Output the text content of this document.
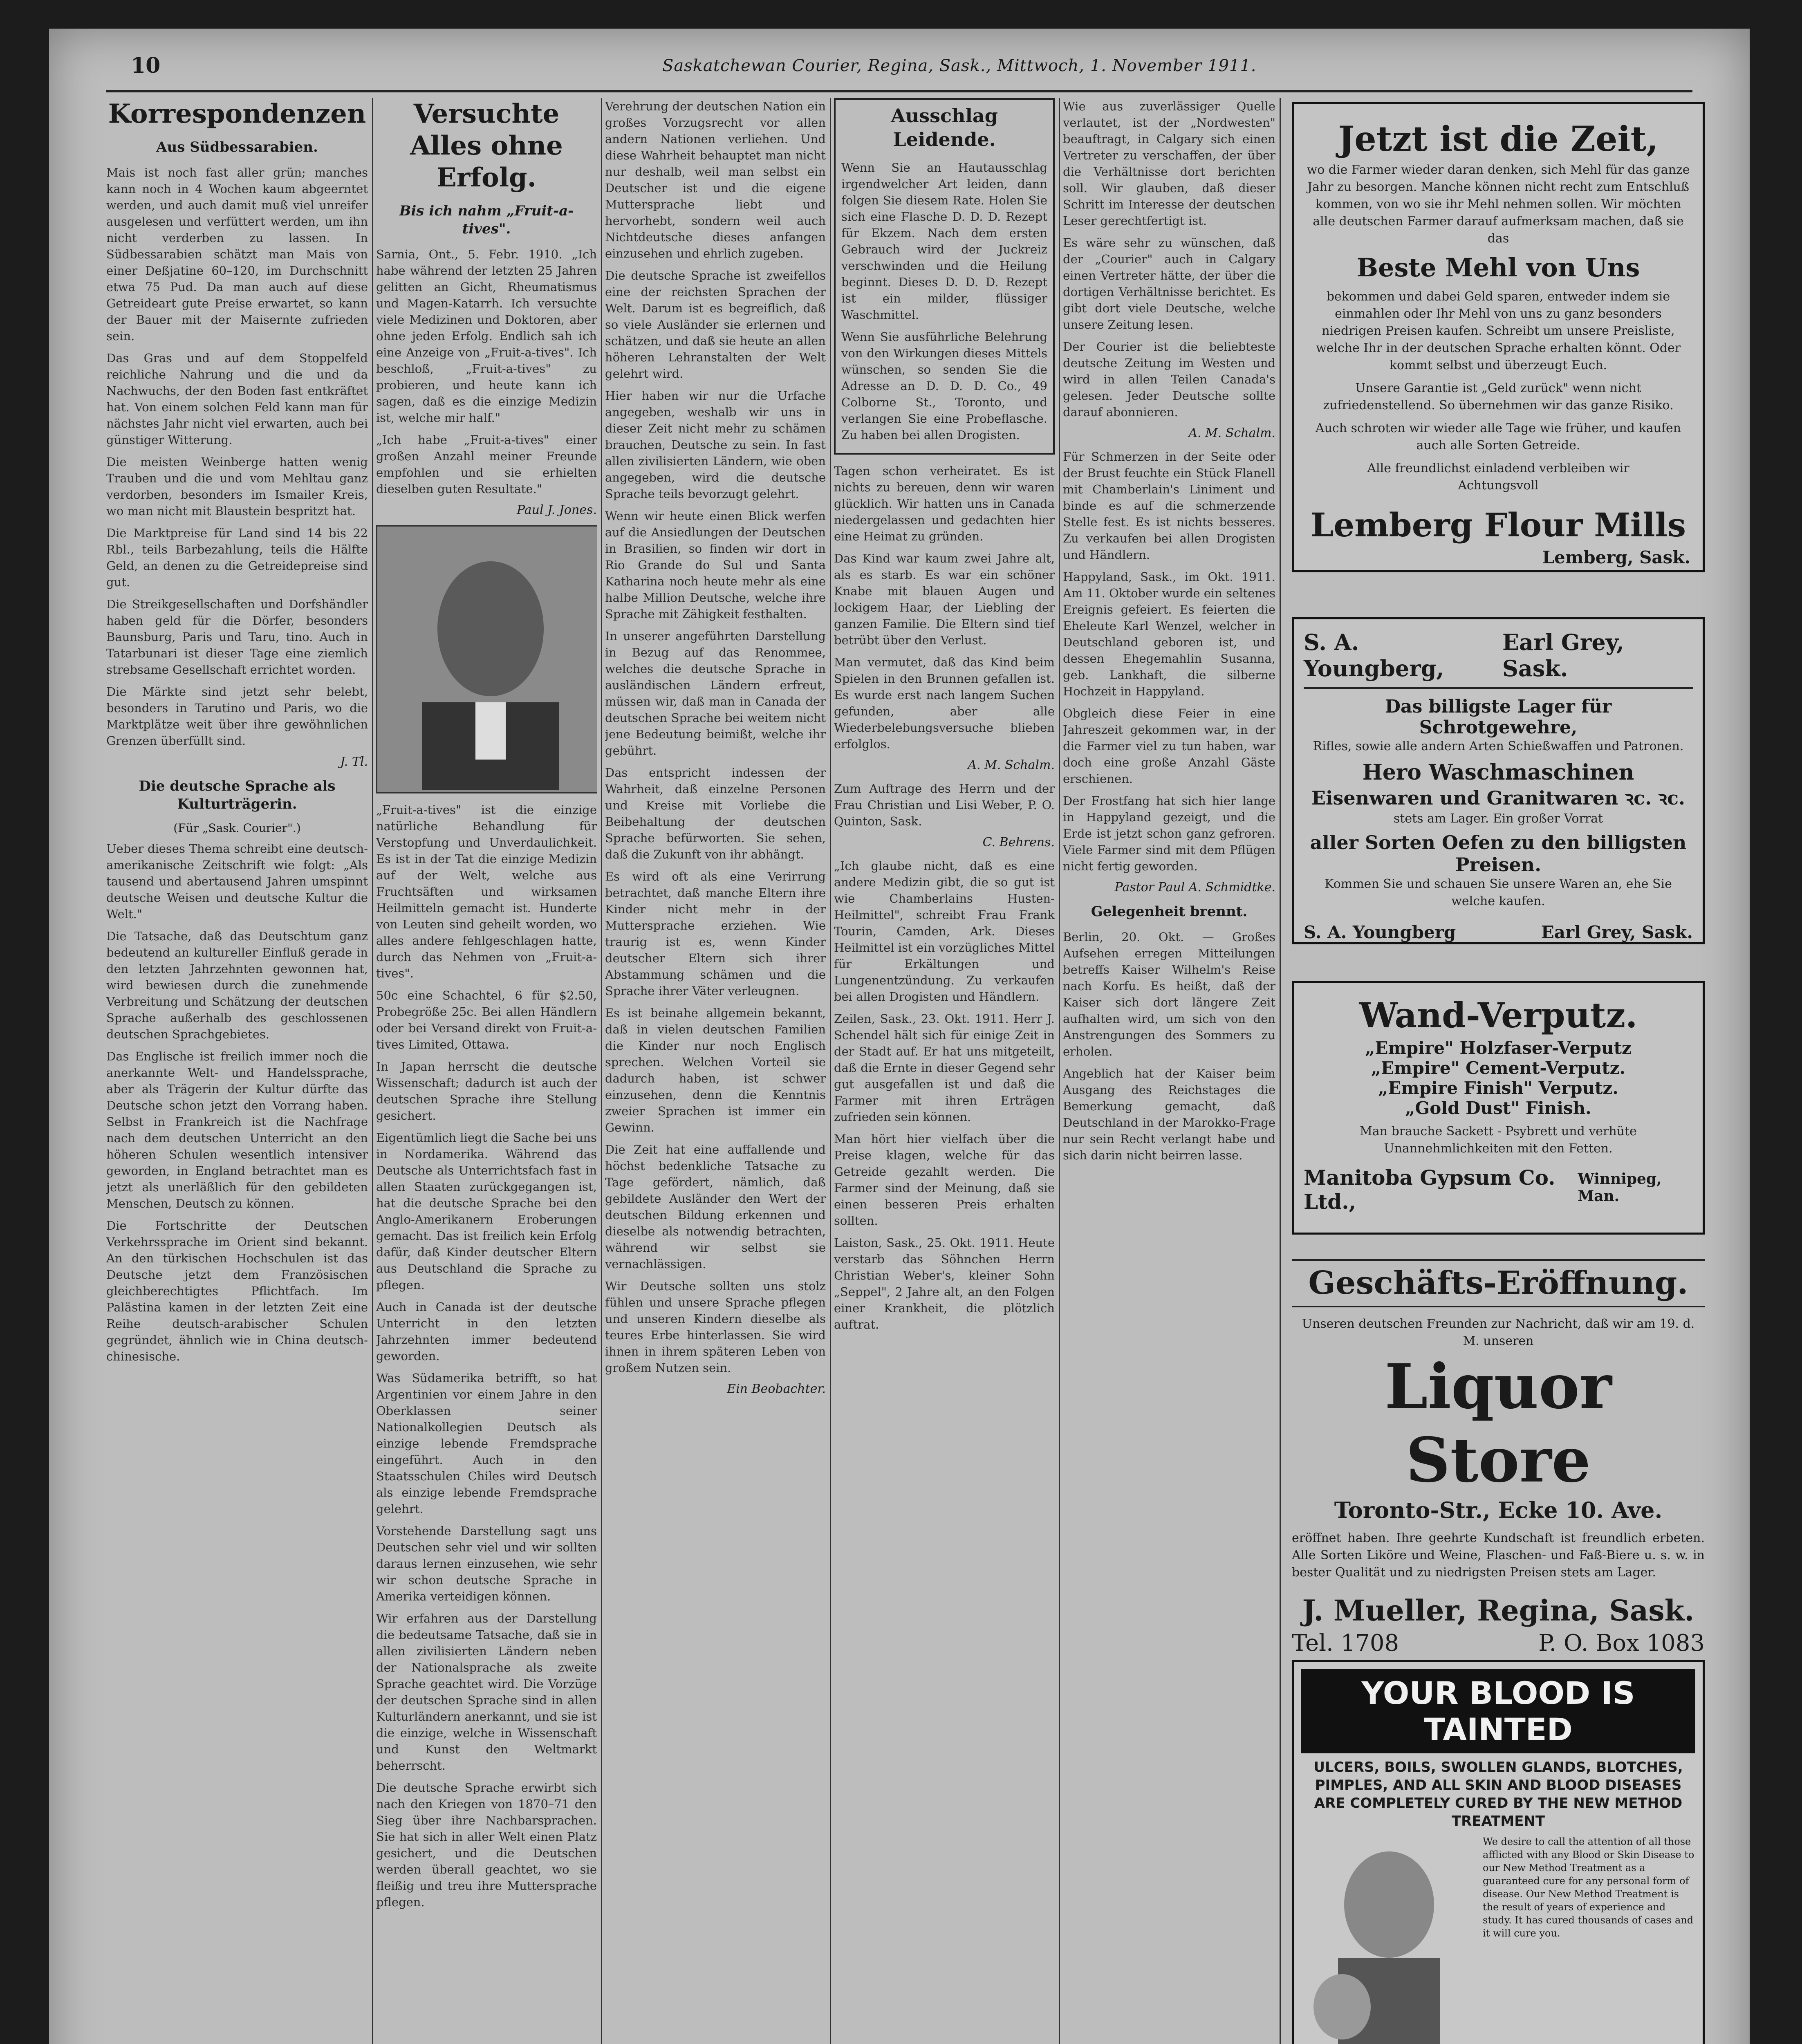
10	Saskatchewan Courier, Regina, Sask., Mittwoch, 1. November 1911.
Korrespondenzen
Aus Südbessarabien.

Mais ist noch fast aller grün; manches kann noch in 4 Wochen kaum abgeerntet werden, und auch damit muß viel unreifer ausgelesen und verfüttert werden, um ihn nicht verderben zu lassen. In Südbessarabien schätzt man Mais von einer Deßjatine 60–120, im Durchschnitt etwa 75 Pud. Da man auch auf diese Getreideart gute Preise erwartet, so kann der Bauer mit der Maisernte zufrieden sein.

Das Gras und auf dem Stoppelfeld reichliche Nahrung und die und da Nachwuchs, der den Boden fast entkräftet hat. Von einem solchen Feld kann man für nächstes Jahr nicht viel erwarten, auch bei günstiger Witterung.

Die meisten Weinberge hatten wenig Trauben und die und vom Mehltau ganz verdorben, besonders im Ismailer Kreis, wo man nicht mit Blaustein bespritzt hat.

Die Marktpreise für Land sind 14 bis 22 Rbl., teils Barbezahlung, teils die Hälfte Geld, an denen zu die Getreidepreise sind gut.

Die Streikgesellschaften und Dorfshändler haben geld für die Dörfer, besonders Baunsburg, Paris und Taru, tino. Auch in Tatarbunari ist dieser Tage eine ziemlich strebsame Gesellschaft errichtet worden.

Die Märkte sind jetzt sehr belebt, besonders in Tarutino und Paris, wo die Marktplätze weit über ihre gewöhnlichen Grenzen überfüllt sind.

J. Tl.
Die deutsche Sprache als Kulturträgerin.
(Für „Sask. Courier".)

Ueber dieses Thema schreibt eine deutsch-amerikanische Zeitschrift wie folgt: „Als tausend und abertausend Jahren umspinnt deutsche Weisen und deutsche Kultur die Welt."

Die Tatsache, daß das Deutschtum ganz bedeutend an kultureller Einfluß gerade in den letzten Jahrzehnten gewonnen hat, wird bewiesen durch die zunehmende Verbreitung und Schätzung der deutschen Sprache außerhalb des geschlossenen deutschen Sprachgebietes.

Das Englische ist freilich immer noch die anerkannte Welt- und Handelssprache, aber als Trägerin der Kultur dürfte das Deutsche schon jetzt den Vorrang haben. Selbst in Frankreich ist die Nachfrage nach dem deutschen Unterricht an den höheren Schulen wesentlich intensiver geworden, in England betrachtet man es jetzt als unerläßlich für den gebildeten Menschen, Deutsch zu können.

Die Fortschritte der Deutschen Verkehrssprache im Orient sind bekannt. An den türkischen Hochschulen ist das Deutsche jetzt dem Französischen gleichberechtigtes Pflichtfach. Im Palästina kamen in der letzten Zeit eine Reihe deutsch-arabischer Schulen gegründet, ähnlich wie in China deutsch-chinesische.

Versuchte Alles ohne Erfolg.
Bis ich nahm „Fruit-a-tives".

Sarnia, Ont., 5. Febr. 1910. „Ich habe während der letzten 25 Jahren gelitten an Gicht, Rheumatismus und Magen-Katarrh. Ich versuchte viele Medizinen und Doktoren, aber ohne jeden Erfolg. Endlich sah ich eine Anzeige von „Fruit-a-tives". Ich beschloß, „Fruit-a-tives" zu probieren, und heute kann ich sagen, daß es die einzige Medizin ist, welche mir half."

„Ich habe „Fruit-a-tives" einer großen Anzahl meiner Freunde empfohlen und sie erhielten dieselben guten Resultate."

Paul J. Jones.

„Fruit-a-tives" ist die einzige natürliche Behandlung für Verstopfung und Unverdaulichkeit. Es ist in der Tat die einzige Medizin auf der Welt, welche aus Fruchtsäften und wirksamen Heilmitteln gemacht ist. Hunderte von Leuten sind geheilt worden, wo alles andere fehlgeschlagen hatte, durch das Nehmen von „Fruit-a-tives".

50c eine Schachtel, 6 für $2.50, Probegröße 25c. Bei allen Händlern oder bei Versand direkt von Fruit-a-tives Limited, Ottawa.

In Japan herrscht die deutsche Wissenschaft; dadurch ist auch der deutschen Sprache ihre Stellung gesichert.

Eigentümlich liegt die Sache bei uns in Nordamerika. Während das Deutsche als Unterrichtsfach fast in allen Staaten zurückgegangen ist, hat die deutsche Sprache bei den Anglo-Amerikanern Eroberungen gemacht. Das ist freilich kein Erfolg dafür, daß Kinder deutscher Eltern aus Deutschland die Sprache zu pflegen.

Auch in Canada ist der deutsche Unterricht in den letzten Jahrzehnten immer bedeutend geworden.

Was Südamerika betrifft, so hat Argentinien vor einem Jahre in den Oberklassen seiner Nationalkollegien Deutsch als einzige lebende Fremdsprache eingeführt. Auch in den Staatsschulen Chiles wird Deutsch als einzige lebende Fremdsprache gelehrt.

Vorstehende Darstellung sagt uns Deutschen sehr viel und wir sollten daraus lernen einzusehen, wie sehr wir schon deutsche Sprache in Amerika verteidigen können.

Wir erfahren aus der Darstellung die bedeutsame Tatsache, daß sie in allen zivilisierten Ländern neben der Nationalsprache als zweite Sprache geachtet wird. Die Vorzüge der deutschen Sprache sind in allen Kulturländern anerkannt, und sie ist die einzige, welche in Wissenschaft und Kunst den Weltmarkt beherrscht.

Die deutsche Sprache erwirbt sich nach den Kriegen von 1870–71 den Sieg über ihre Nachbarsprachen. Sie hat sich in aller Welt einen Platz gesichert, und die Deutschen werden überall geachtet, wo sie fleißig und treu ihre Muttersprache pflegen.

Verehrung der deutschen Nation ein großes Vorzugsrecht vor allen andern Nationen verliehen. Und diese Wahrheit behauptet man nicht nur deshalb, weil man selbst ein Deutscher ist und die eigene Muttersprache liebt und hervorhebt, sondern weil auch Nichtdeutsche dieses anfangen einzusehen und ehrlich zugeben.

Die deutsche Sprache ist zweifellos eine der reichsten Sprachen der Welt. Darum ist es begreiflich, daß so viele Ausländer sie erlernen und schätzen, und daß sie heute an allen höheren Lehranstalten der Welt gelehrt wird.

Hier haben wir nur die Urfache angegeben, weshalb wir uns in dieser Zeit nicht mehr zu schämen brauchen, Deutsche zu sein. In fast allen zivilisierten Ländern, wie oben angegeben, wird die deutsche Sprache teils bevorzugt gelehrt.

Wenn wir heute einen Blick werfen auf die Ansiedlungen der Deutschen in Brasilien, so finden wir dort in Rio Grande do Sul und Santa Katharina noch heute mehr als eine halbe Million Deutsche, welche ihre Sprache mit Zähigkeit festhalten.

In unserer angeführten Darstellung in Bezug auf das Renommee, welches die deutsche Sprache in ausländischen Ländern erfreut, müssen wir, daß man in Canada der deutschen Sprache bei weitem nicht jene Bedeutung beimißt, welche ihr gebührt.

Das entspricht indessen der Wahrheit, daß einzelne Personen und Kreise mit Vorliebe die Beibehaltung der deutschen Sprache befürworten. Sie sehen, daß die Zukunft von ihr abhängt.

Es wird oft als eine Verirrung betrachtet, daß manche Eltern ihre Kinder nicht mehr in der Muttersprache erziehen. Wie traurig ist es, wenn Kinder deutscher Eltern sich ihrer Abstammung schämen und die Sprache ihrer Väter verleugnen.

Es ist beinahe allgemein bekannt, daß in vielen deutschen Familien die Kinder nur noch Englisch sprechen. Welchen Vorteil sie dadurch haben, ist schwer einzusehen, denn die Kenntnis zweier Sprachen ist immer ein Gewinn.

Die Zeit hat eine auffallende und höchst bedenkliche Tatsache zu Tage gefördert, nämlich, daß gebildete Ausländer den Wert der deutschen Bildung erkennen und dieselbe als notwendig betrachten, während wir selbst sie vernachlässigen.

Wir Deutsche sollten uns stolz fühlen und unsere Sprache pflegen und unseren Kindern dieselbe als teures Erbe hinterlassen. Sie wird ihnen in ihrem späteren Leben von großem Nutzen sein.

Ein Beobachter.
Ausschlag Leidende.

Wenn Sie an Hautausschlag irgendwelcher Art leiden, dann folgen Sie diesem Rate. Holen Sie sich eine Flasche D. D. D. Rezept für Ekzem. Nach dem ersten Gebrauch wird der Juckreiz verschwinden und die Heilung beginnt. Dieses D. D. D. Rezept ist ein milder, flüssiger Waschmittel.

Wenn Sie ausführliche Belehrung von den Wirkungen dieses Mittels wünschen, so senden Sie die Adresse an D. D. D. Co., 49 Colborne St., Toronto, und verlangen Sie eine Probeflasche. Zu haben bei allen Drogisten.

Tagen schon verheiratet. Es ist nichts zu bereuen, denn wir waren glücklich. Wir hatten uns in Canada niedergelassen und gedachten hier eine Heimat zu gründen.

Das Kind war kaum zwei Jahre alt, als es starb. Es war ein schöner Knabe mit blauen Augen und lockigem Haar, der Liebling der ganzen Familie. Die Eltern sind tief betrübt über den Verlust.

Man vermutet, daß das Kind beim Spielen in den Brunnen gefallen ist. Es wurde erst nach langem Suchen gefunden, aber alle Wiederbelebungsversuche blieben erfolglos.

A. M. Schalm.

Zum Auftrage des Herrn und der Frau Christian und Lisi Weber, P. O. Quinton, Sask.

C. Behrens.

„Ich glaube nicht, daß es eine andere Medizin gibt, die so gut ist wie Chamberlains Husten-Heilmittel", schreibt Frau Frank Tourin, Camden, Ark. Dieses Heilmittel ist ein vorzügliches Mittel für Erkältungen und Lungenentzündung. Zu verkaufen bei allen Drogisten und Händlern.

Zeilen, Sask., 23. Okt. 1911. Herr J. Schendel hält sich für einige Zeit in der Stadt auf. Er hat uns mitgeteilt, daß die Ernte in dieser Gegend sehr gut ausgefallen ist und daß die Farmer mit ihren Erträgen zufrieden sein können.

Man hört hier vielfach über die Preise klagen, welche für das Getreide gezahlt werden. Die Farmer sind der Meinung, daß sie einen besseren Preis erhalten sollten.

Laiston, Sask., 25. Okt. 1911. Heute verstarb das Söhnchen Herrn Christian Weber's, kleiner Sohn „Seppel", 2 Jahre alt, an den Folgen einer Krankheit, die plötzlich auftrat.

Wie aus zuverlässiger Quelle verlautet, ist der „Nordwesten" beauftragt, in Calgary sich einen Vertreter zu verschaffen, der über die Verhältnisse dort berichten soll. Wir glauben, daß dieser Schritt im Interesse der deutschen Leser gerechtfertigt ist.

Es wäre sehr zu wünschen, daß der „Courier" auch in Calgary einen Vertreter hätte, der über die dortigen Verhältnisse berichtet. Es gibt dort viele Deutsche, welche unsere Zeitung lesen.

Der Courier ist die beliebteste deutsche Zeitung im Westen und wird in allen Teilen Canada's gelesen. Jeder Deutsche sollte darauf abonnieren.

A. M. Schalm.

Für Schmerzen in der Seite oder der Brust feuchte ein Stück Flanell mit Chamberlain's Liniment und binde es auf die schmerzende Stelle fest. Es ist nichts besseres. Zu verkaufen bei allen Drogisten und Händlern.

Happyland, Sask., im Okt. 1911. Am 11. Oktober wurde ein seltenes Ereignis gefeiert. Es feierten die Eheleute Karl Wenzel, welcher in Deutschland geboren ist, und dessen Ehegemahlin Susanna, geb. Lankhaft, die silberne Hochzeit in Happyland.

Obgleich diese Feier in eine Jahreszeit gekommen war, in der die Farmer viel zu tun haben, war doch eine große Anzahl Gäste erschienen.

Der Frostfang hat sich hier lange in Happyland gezeigt, und die Erde ist jetzt schon ganz gefroren. Viele Farmer sind mit dem Pflügen nicht fertig geworden.

Pastor Paul A. Schmidtke.
Gelegenheit brennt.

Berlin, 20. Okt. — Großes Aufsehen erregen Mitteilungen betreffs Kaiser Wilhelm's Reise nach Korfu. Es heißt, daß der Kaiser sich dort längere Zeit aufhalten wird, um sich von den Anstrengungen des Sommers zu erholen.

Angeblich hat der Kaiser beim Ausgang des Reichstages die Bemerkung gemacht, daß Deutschland in der Marokko-Frage nur sein Recht verlangt habe und sich darin nicht beirren lasse.

Jetzt ist die Zeit,
wo die Farmer wieder daran denken, sich Mehl für das ganze Jahr zu besorgen. Manche können nicht recht zum Entschluß kommen, von wo sie ihr Mehl nehmen sollen. Wir möchten alle deutschen Farmer darauf aufmerksam machen, daß sie das
Beste Mehl von Uns
bekommen und dabei Geld sparen, entweder indem sie einmahlen oder Ihr Mehl von uns zu ganz besonders niedrigen Preisen kaufen. Schreibt um unsere Preisliste, welche Ihr in der deutschen Sprache erhalten könnt. Oder kommt selbst und überzeugt Euch.
Unsere Garantie ist „Geld zurück" wenn nicht zufriedenstellend. So übernehmen wir das ganze Risiko.
Auch schroten wir wieder alle Tage wie früher, und kaufen auch alle Sorten Getreide.
Alle freundlichst einladend verbleiben wir
Achtungsvoll
Lemberg Flour Mills
Lemberg, Sask.
S. A. Youngberg,
Earl Grey, Sask.
Das billigste Lager für Schrotgewehre,
Rifles, sowie alle andern Arten Schießwaffen und Patronen.
Hero Waschmaschinen
Eisenwaren und Granitwaren ꝛc. ꝛc.
stets am Lager. Ein großer Vorrat
aller Sorten Oefen zu den billigsten Preisen.
Kommen Sie und schauen Sie unsere Waren an, ehe Sie welche kaufen.
S. A. Youngberg	Earl Grey, Sask.
Wand-Verputz.
„Empire" Holzfaser-Verputz
„Empire" Cement-Verputz.
„Empire Finish" Verputz.
„Gold Dust" Finish.
Man brauche Sackett - Psybrett und verhüte Unannehmlichkeiten mit den Fetten.
Manitoba Gypsum Co. Ltd.,
Winnipeg, Man.
Geschäfts-Eröffnung.
Unseren deutschen Freunden zur Nachricht, daß wir am 19. d. M. unseren
Liquor Store
Toronto-Str., Ecke 10. Ave.
eröffnet haben. Ihre geehrte Kundschaft ist freundlich erbeten. Alle Sorten Liköre und Weine, Flaschen- und Faß-Biere u. s. w. in bester Qualität und zu niedrigsten Preisen stets am Lager.
J. Mueller, Regina, Sask.
Tel. 1708	P. O. Box 1083
YOUR BLOOD IS TAINTED
ULCERS, BOILS, SWOLLEN GLANDS, BLOTCHES, PIMPLES, AND ALL SKIN AND BLOOD DISEASES ARE COMPLETELY CURED BY THE NEW METHOD TREATMENT
We desire to call the attention of all those afflicted with any Blood or Skin Disease to our New Method Treatment as a guaranteed cure for any personal form of disease. Our New Method Treatment is the result of years of experience and study. It has cured thousands of cases and it will cure you.
